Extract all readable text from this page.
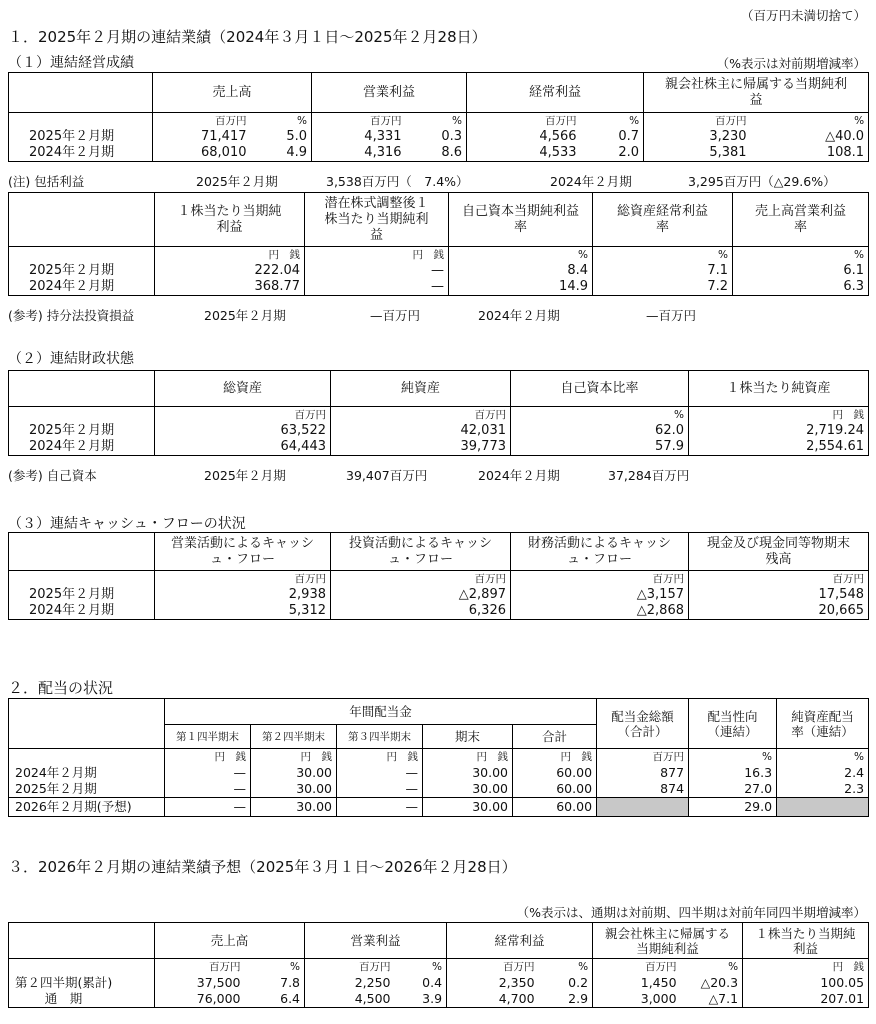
（百万円未満切捨て）
１．2025年２月期の連結業績（2024年３月１日～2025年２月28日）
（１）連結経営成績	（%表示は対前期増減率）
	売上高		営業利益		経常利益		親会社株主に帰属する当期純利益	
	百万円	%	百万円	%	百万円	%	百万円	%
2025年２月期	71,417	5.0	4,331	0.3	4,566	0.7	3,230	△40.0
2024年２月期	68,010	4.9	4,316	8.6	4,533	2.0	5,381	108.1
(注) 包括利益	2025年２月期	3,538百万円（　7.4%）	2024年２月期	3,295百万円（△29.6%）
	１株当たり当期純利益	潜在株式調整後１株当たり当期純利益	自己資本当期純利益率	総資産経常利益率	売上高営業利益率
	円　銭	円　銭	%	%	%
2025年２月期	222.04	—	8.4	7.1	6.1
2024年２月期	368.77	—	14.9	7.2	6.3
(参考) 持分法投資損益	2025年２月期	—百万円	2024年２月期	—百万円
（２）連結財政状態
	総資産	純資産	自己資本比率	１株当たり純資産
	百万円	百万円	%	円　銭
2025年２月期	63,522	42,031	62.0	2,719.24
2024年２月期	64,443	39,773	57.9	2,554.61
(参考) 自己資本	2025年２月期	39,407百万円	2024年２月期	37,284百万円
（３）連結キャッシュ・フローの状況
	営業活動によるキャッシュ・フロー	投資活動によるキャッシュ・フロー	財務活動によるキャッシュ・フロー	現金及び現金同等物期末残高
	百万円	百万円	百万円	百万円
2025年２月期	2,938	△2,897	△3,157	17,548
2024年２月期	5,312	6,326	△2,868	20,665
２．配当の状況
	年間配当金					配当金総額（合計）	配当性向（連結）	純資産配当率（連結）
	第１四半期末	第２四半期末	第３四半期末	期末	合計			
	円　銭	円　銭	円　銭	円　銭	円　銭	百万円	%	%
2024年２月期	—	30.00	—	30.00	60.00	877	16.3	2.4
2025年２月期	—	30.00	—	30.00	60.00	874	27.0	2.3
2026年２月期(予想)	—	30.00	—	30.00	60.00		29.0	
３．2026年２月期の連結業績予想（2025年３月１日～2026年２月28日）
（%表示は、通期は対前期、四半期は対前年同四半期増減率）
	売上高		営業利益		経常利益		親会社株主に帰属する当期純利益		１株当たり当期純利益
	百万円	%	百万円	%	百万円	%	百万円	%	円　銭
第２四半期(累計)	37,500	7.8	2,250	0.4	2,350	0.2	1,450	△20.3	100.05
通　期	76,000	6.4	4,500	3.9	4,700	2.9	3,000	△7.1	207.01
